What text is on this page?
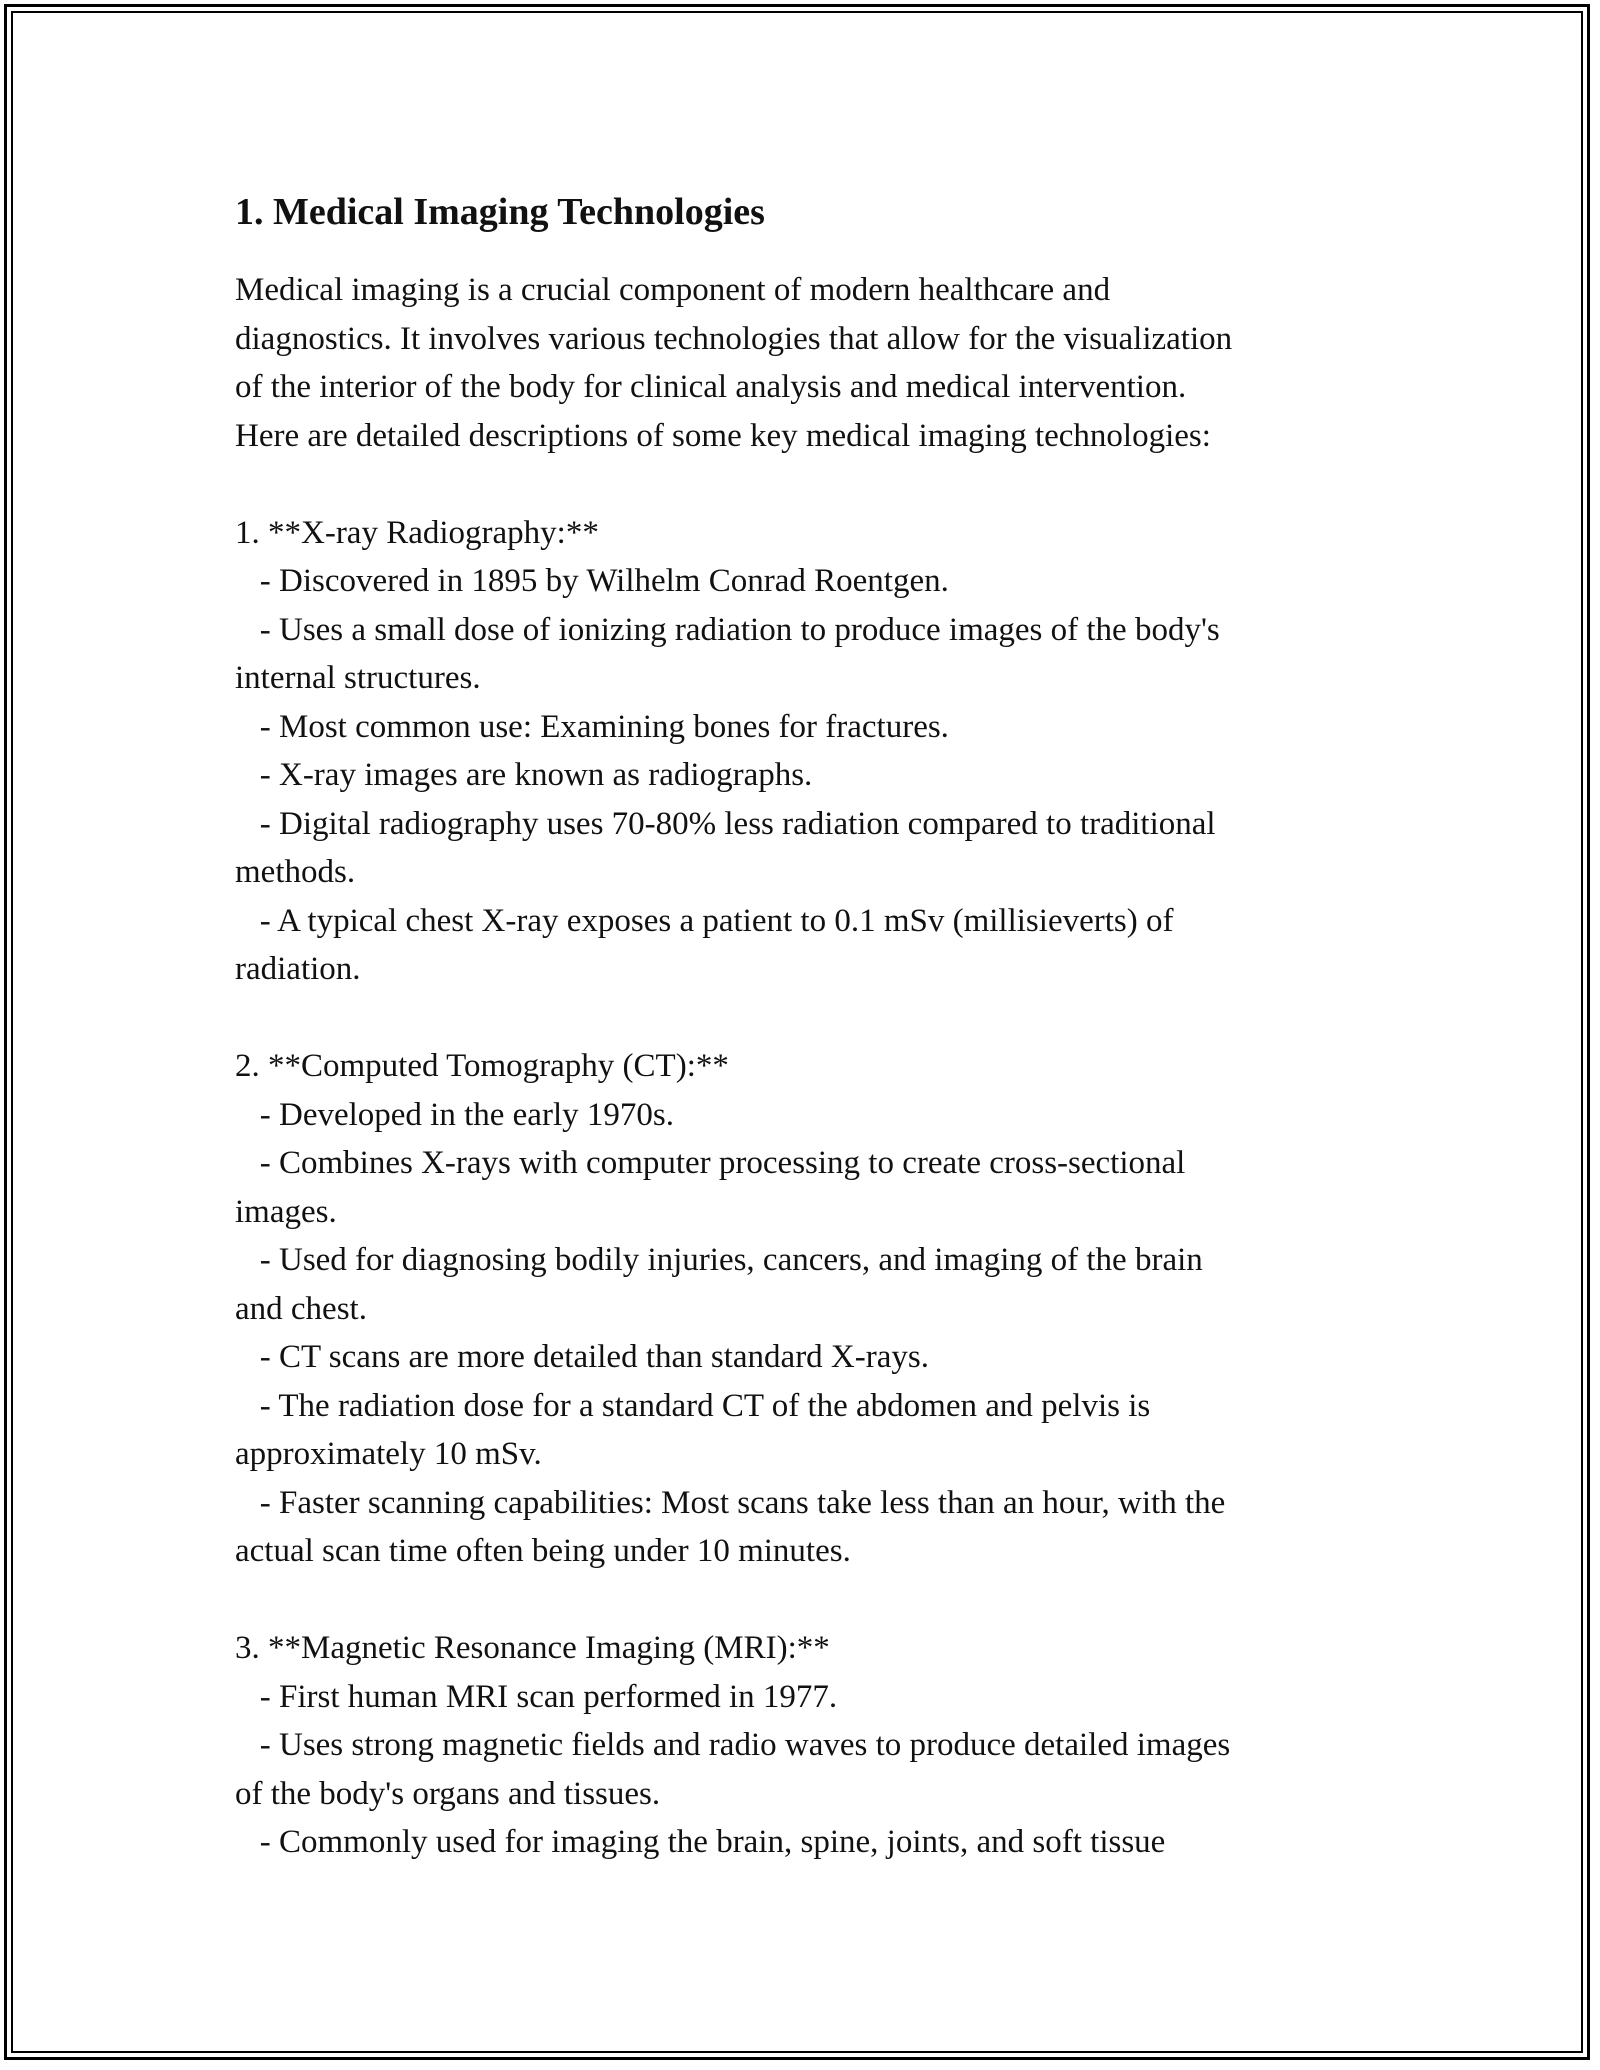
1. Medical Imaging Technologies

Medical imaging is a crucial component of modern healthcare and
diagnostics. It involves various technologies that allow for the visualization
of the interior of the body for clinical analysis and medical intervention.
Here are detailed descriptions of some key medical imaging technologies:

1. **X-ray Radiography:**
- Discovered in 1895 by Wilhelm Conrad Roentgen.
- Uses a small dose of ionizing radiation to produce images of the body's
internal structures.
- Most common use: Examining bones for fractures.
- X-ray images are known as radiographs.
- Digital radiography uses 70-80% less radiation compared to traditional
methods.
- A typical chest X-ray exposes a patient to 0.1 mSv (millisieverts) of
radiation.

2. **Computed Tomography (CT):**
- Developed in the early 1970s.
- Combines X-rays with computer processing to create cross-sectional
images.
- Used for diagnosing bodily injuries, cancers, and imaging of the brain
and chest.
- CT scans are more detailed than standard X-rays.
- The radiation dose for a standard CT of the abdomen and pelvis is
approximately 10 mSv.
- Faster scanning capabilities: Most scans take less than an hour, with the
actual scan time often being under 10 minutes.

3. **Magnetic Resonance Imaging (MRI):**
- First human MRI scan performed in 1977.
- Uses strong magnetic fields and radio waves to produce detailed images
of the body's organs and tissues.
- Commonly used for imaging the brain, spine, joints, and soft tissue
